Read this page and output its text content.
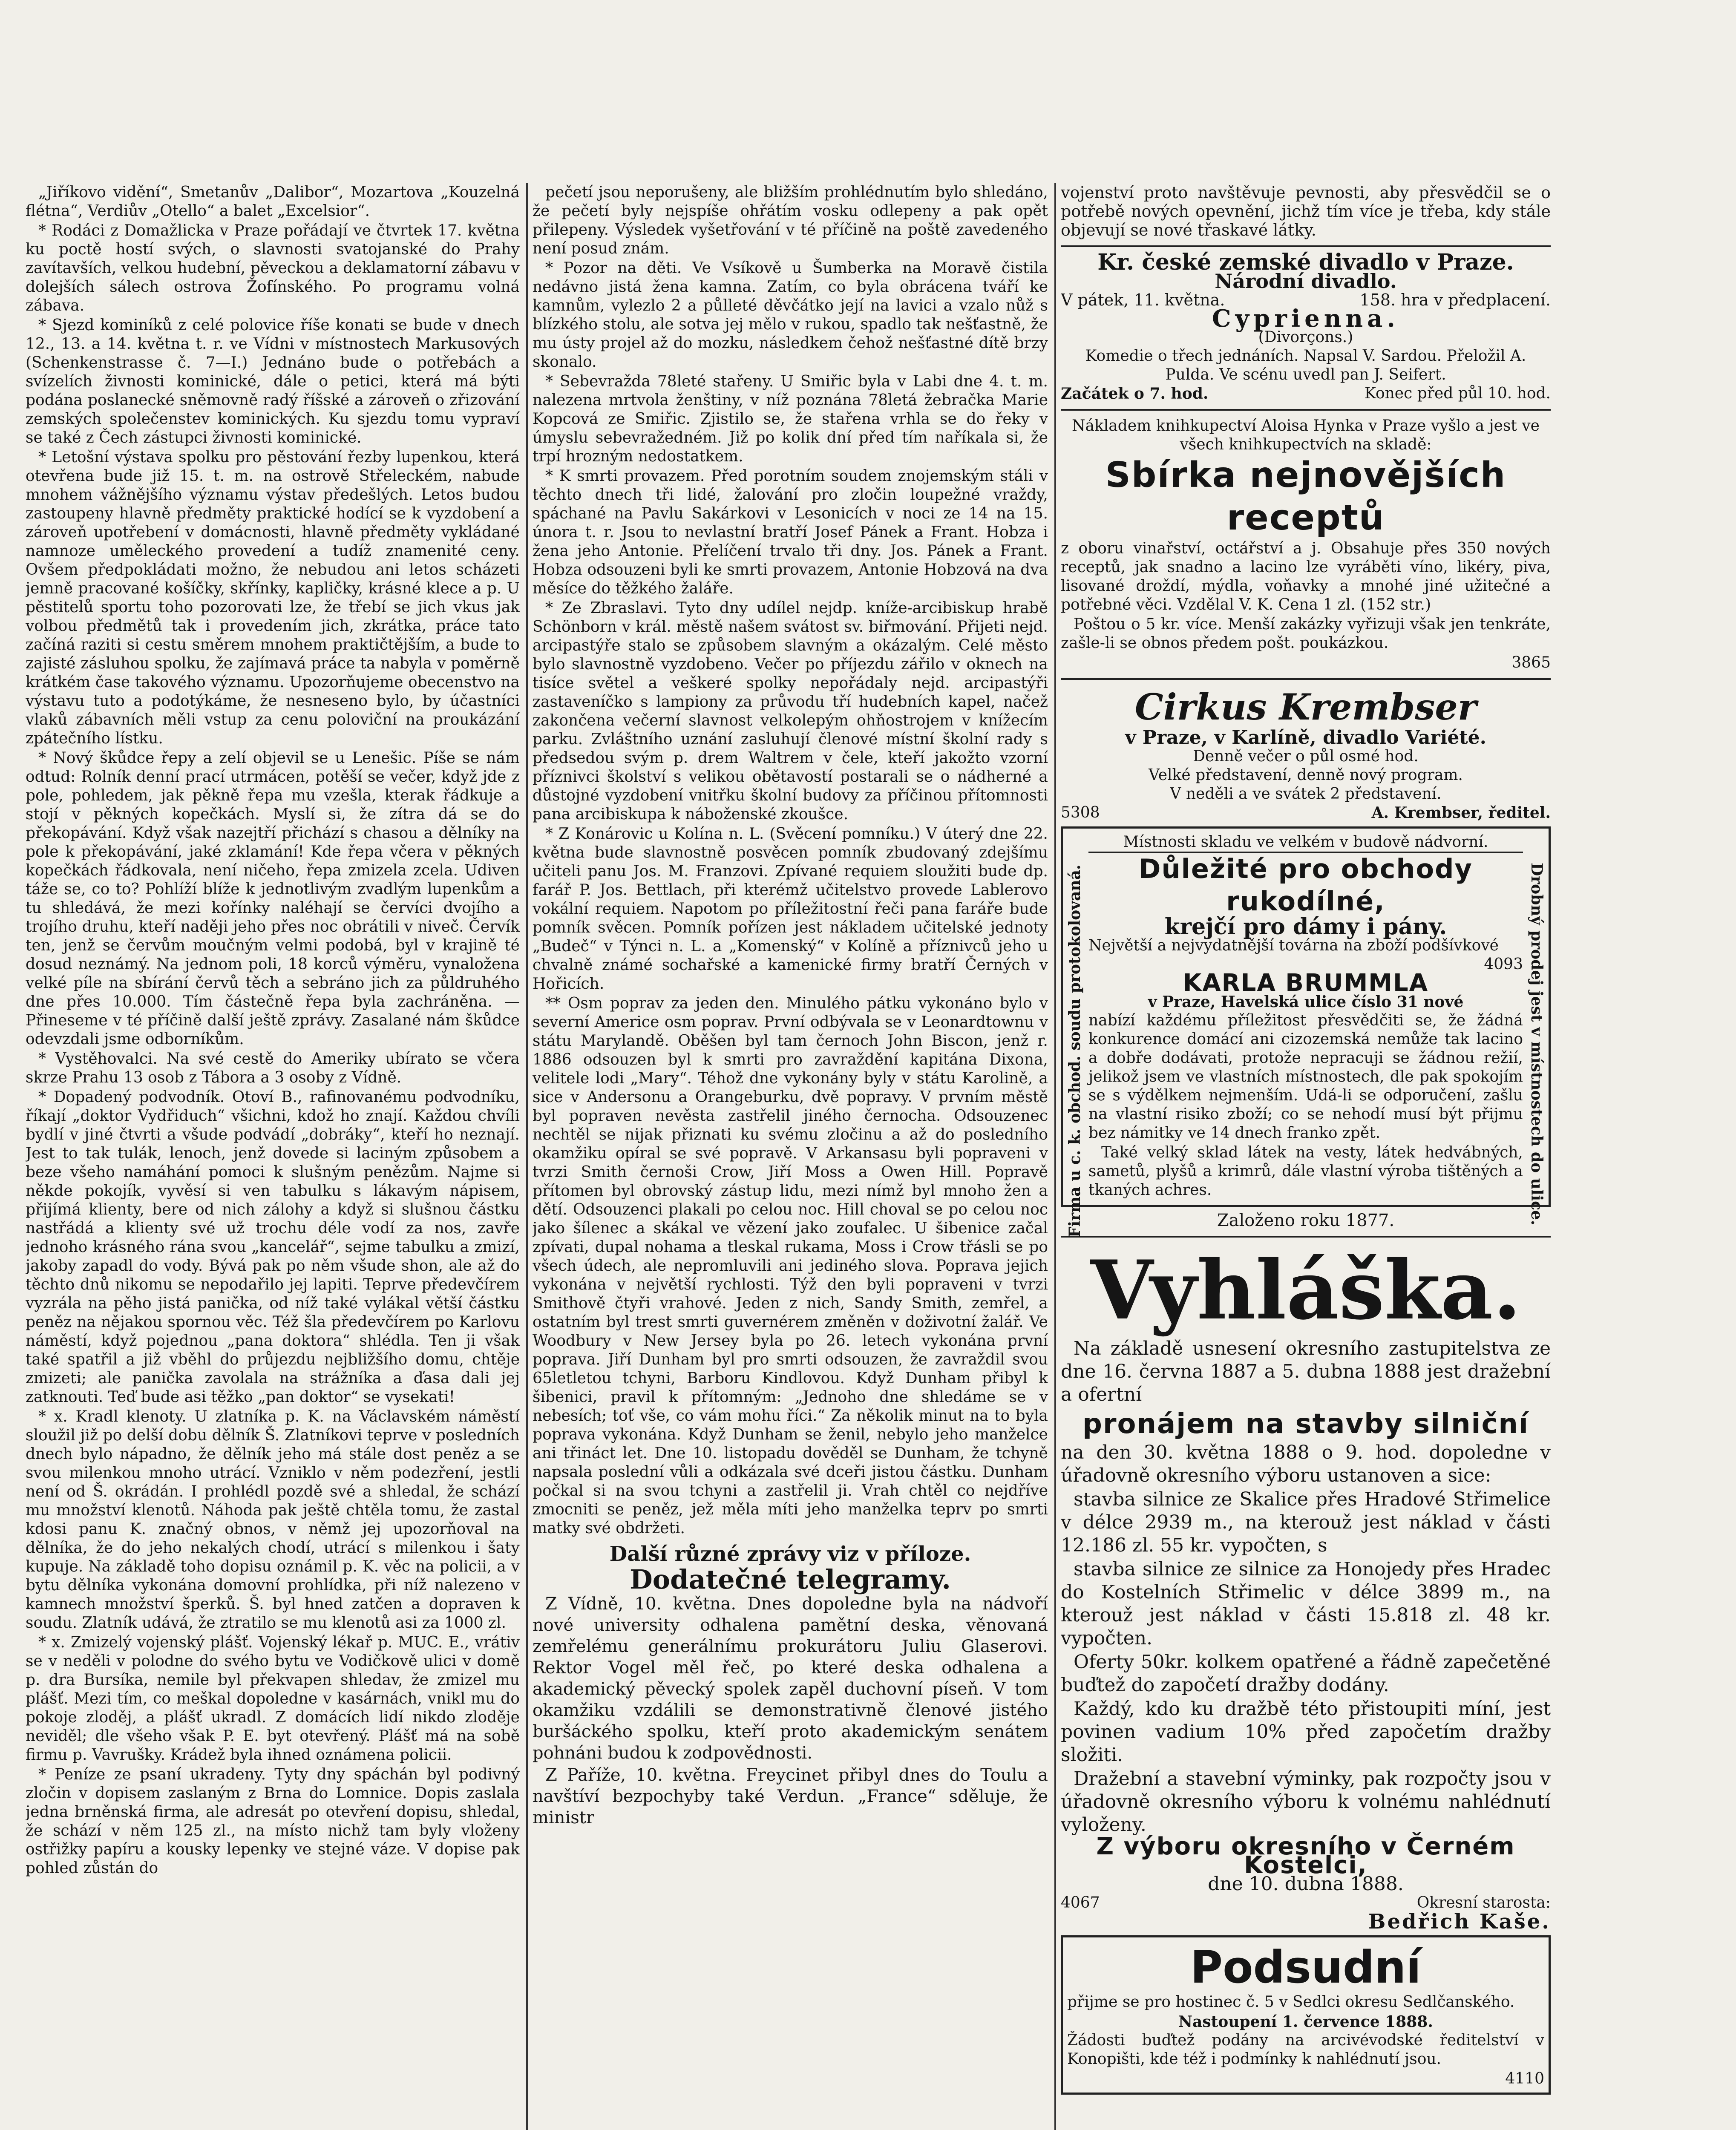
„Jiříkovo vidění“, Smetanův „Dalibor“, Mozartova „Kouzelná flétna“, Verdiův „Otello“ a balet „Excelsior“.

* Rodáci z Domažlicka v Praze pořádají ve čtvrtek 17. května ku poctě hostí svých, o slavnosti svatojanské do Prahy zavítavších, velkou hudební, pěveckou a deklamatorní zábavu v dolejších sálech ostrova Žofínského. Po programu volná zábava.

* Sjezd kominíků z celé polovice říše konati se bude v dnech 12., 13. a 14. května t. r. ve Vídni v místnostech Markusových (Schenkenstrasse č. 7—I.) Jednáno bude o potřebách a svízelích živnosti kominické, dále o petici, která má býti podána poslanecké sněmovně radý říšské a zároveň o zřizování zemských společenstev kominických. Ku sjezdu tomu vypraví se také z Čech zástupci živnosti kominické.

* Letošní výstava spolku pro pěstování řezby lupenkou, která otevřena bude již 15. t. m. na ostrově Střeleckém, nabude mnohem vážnějšího významu výstav předešlých. Letos budou zastoupeny hlavně předměty praktické hodící se k vyzdobení a zároveň upotřebení v domácnosti, hlavně předměty vykládané namnoze uměleckého provedení a tudíž znamenité ceny. Ovšem předpokládati možno, že nebudou ani letos scházeti jemně pracované košíčky, skřínky, kapličky, krásné klece a p. U pěstitelů sportu toho pozorovati lze, že třebí se jich vkus jak volbou předmětů tak i provedením jich, zkrátka, práce tato začíná raziti si cestu směrem mnohem praktičtějším, a bude to zajisté zásluhou spolku, že zajímavá práce ta nabyla v poměrně krátkém čase takového významu. Upozorňujeme obecenstvo na výstavu tuto a podotýkáme, že nesneseno bylo, by účastníci vlaků zábavních měli vstup za cenu poloviční na proukázání zpátečního lístku.

* Nový škůdce řepy a zelí objevil se u Lenešic. Píše se nám odtud: Rolník denní prací utrmácen, potěší se večer, když jde z pole, pohledem, jak pěkně řepa mu vzešla, kterak řádkuje a stojí v pěkných kopečkách. Myslí si, že zítra dá se do překopávání. Když však nazejtří přichází s chasou a dělníky na pole k překopávání, jaké zklamání! Kde řepa včera v pěkných kopečkách řádkovala, není ničeho, řepa zmizela zcela. Udiven táže se, co to? Pohlíží blíže k jednotlivým zvadlým lupenkům a tu shledává, že mezi kořínky naléhají se červíci dvojího a trojího druhu, kteří naději jeho přes noc obrátili v niveč. Červík ten, jenž se červům moučným velmi podobá, byl v krajině té dosud neznámý. Na jednom poli, 18 korců výměru, vynaložena velké píle na sbírání červů těch a sebráno jich za půldruhého dne přes 10.000. Tím částečně řepa byla zachráněna. — Přineseme v té příčině další ještě zprávy. Zasalané nám škůdce odevzdali jsme odborníkům.

* Vystěhovalci. Na své cestě do Ameriky ubírato se včera skrze Prahu 13 osob z Tábora a 3 osoby z Vídně.

* Dopadený podvodník. Otoví B., rafinovanému podvodníku, říkají „doktor Vydřiduch“ všichni, kdož ho znají. Každou chvíli bydlí v jiné čtvrti a všude podvádí „dobráky“, kteří ho neznají. Jest to tak tulák, lenoch, jenž dovede si laciným způsobem a beze všeho namáhání pomoci k slušným penězům. Najme si někde pokojík, vyvěsí si ven tabulku s lákavým nápisem, přijímá klienty, bere od nich zálohy a když si slušnou částku nastřádá a klienty své už trochu déle vodí za nos, zavře jednoho krásného rána svou „kancelář“, sejme tabulku a zmizí, jakoby zapadl do vody. Bývá pak po něm všude shon, ale až do těchto dnů nikomu se nepodařilo jej lapiti. Teprve předevčírem vyzrála na pěho jistá panička, od níž také vylákal větší částku peněz na nějakou spornou věc. Též šla předevčírem po Karlovu náměstí, když pojednou „pana doktora“ shlédla. Ten ji však také spatřil a již vběhl do průjezdu nejbližšího domu, chtěje zmizeti; ale panička zavolala na strážníka a ďasa dali jej zatknouti. Teď bude asi těžko „pan doktor“ se vysekati!

* x. Kradl klenoty. U zlatníka p. K. na Václavském náměstí sloužil již po delší dobu dělník Š. Zlatníkovi teprve v posledních dnech bylo nápadno, že dělník jeho má stále dost peněz a se svou milenkou mnoho utrácí. Vzniklo v něm podezření, jestli není od Š. okrádán. I prohlédl pozdě své a shledal, že schází mu množství klenotů. Náhoda pak ještě chtěla tomu, že zastal kdosi panu K. značný obnos, v němž jej upozorňoval na dělníka, že do jeho nekalých chodí, utrácí s milenkou i šaty kupuje. Na základě toho dopisu oznámil p. K. věc na policii, a v bytu dělníka vykonána domovní prohlídka, při níž nalezeno v kamnech množství šperků. Š. byl hned zatčen a dopraven k soudu. Zlatník udává, že ztratilo se mu klenotů asi za 1000 zl.

* x. Zmizelý vojenský plášť. Vojenský lékař p. MUC. E., vrátiv se v neděli v polodne do svého bytu ve Vodičkově ulici v domě p. dra Bursíka, nemile byl překvapen shledav, že zmizel mu plášť. Mezi tím, co meškal dopoledne v kasárnách, vnikl mu do pokoje zloděj, a plášť ukradl. Z domácích lidí nikdo zloděje neviděl; dle všeho však P. E. byt otevřený. Plášť má na sobě firmu p. Vavrušky. Krádež byla ihned oznámena policii.

* Peníze ze psaní ukradeny. Tyty dny spáchán byl podivný zločin v dopisem zaslaným z Brna do Lomnice. Dopis zaslala jedna brněnská firma, ale adresát po otevření dopisu, shledal, že schází v něm 125 zl., na místo nichž tam byly vloženy ostřižky papíru a kousky lepenky ve stejné váze. V dopise pak pohled zůstán do

pečetí jsou neporušeny, ale bližším prohlédnutím bylo shledáno, že pečetí byly nejspíše ohřátím vosku odlepeny a pak opět přilepeny. Výsledek vyšetřování v té příčině na poště zavedeného není posud znám.

* Pozor na děti. Ve Vsíkově u Šumberka na Moravě čistila nedávno jistá žena kamna. Zatím, co byla obrácena tváří ke kamnům, vylezlo 2 a půlleté děvčátko její na lavici a vzalo nůž s blízkého stolu, ale sotva jej mělo v rukou, spadlo tak nešťastně, že mu ústy projel až do mozku, následkem čehož nešťastné dítě brzy skonalo.

* Sebevražda 78leté stařeny. U Smiřic byla v Labi dne 4. t. m. nalezena mrtvola ženštiny, v níž poznána 78letá žebračka Marie Kopcová ze Smiřic. Zjistilo se, že stařena vrhla se do řeky v úmyslu sebevražedném. Již po kolik dní před tím naříkala si, že trpí hrozným nedostatkem.

* K smrti provazem. Před porotním soudem znojemským stáli v těchto dnech tři lidé, žalování pro zločin loupežné vraždy, spáchané na Pavlu Sakárkovi v Lesonicích v noci ze 14 na 15. února t. r. Jsou to nevlastní bratří Josef Pánek a Frant. Hobza i žena jeho Antonie. Přelíčení trvalo tři dny. Jos. Pánek a Frant. Hobza odsouzeni byli ke smrti provazem, Antonie Hobzová na dva měsíce do těžkého žaláře.

* Ze Zbraslavi. Tyto dny udílel nejdp. kníže-arcibiskup hrabě Schönborn v král. městě našem svátost sv. biřmování. Přijeti nejd. arcipastýře stalo se způsobem slavným a okázalým. Celé město bylo slavnostně vyzdobeno. Večer po příjezdu zářilo v oknech na tisíce světel a veškeré spolky nepořádaly nejd. arcipastýři zastaveníčko s lampiony za průvodu tří hudebních kapel, načež zakončena večerní slavnost velkolepým ohňostrojem v knížecím parku. Zvláštního uznání zasluhují členové místní školní rady s předsedou svým p. drem Waltrem v čele, kteří jakožto vzorní příznivci školství s velikou obětavostí postarali se o nádherné a důstojné vyzdobení vnitřku školní budovy za příčinou přítomnosti pana arcibiskupa k náboženské zkoušce.

* Z Konárovic u Kolína n. L. (Svěcení pomníku.) V úterý dne 22. května bude slavnostně posvěcen pomník zbudovaný zdejšímu učiteli panu Jos. M. Franzovi. Zpívané requiem sloužiti bude dp. farář P. Jos. Bettlach, při kterémž učitelstvo provede Lablerovo vokální requiem. Napotom po příležitostní řeči pana faráře bude pomník svěcen. Pomník pořízen jest nákladem učitelské jednoty „Budeč“ v Týnci n. L. a „Komenský“ v Kolíně a příznivců jeho u chvalně známé sochařské a kamenické firmy bratří Černých v Hořicích.

** Osm poprav za jeden den. Minulého pátku vykonáno bylo v severní Americe osm poprav. První odbývala se v Leonardtownu v státu Marylandě. Oběšen byl tam černoch John Biscon, jenž r. 1886 odsouzen byl k smrti pro zavraždění kapitána Dixona, velitele lodi „Mary“. Téhož dne vykonány byly v státu Karolině, a sice v Andersonu a Orangeburku, dvě popravy. V prvním městě byl popraven nevěsta zastřelil jiného černocha. Odsouzenec nechtěl se nijak přiznati ku svému zločinu a až do posledního okamžiku opíral se své popravě. V Arkansasu byli popraveni v tvrzi Smith černoši Crow, Jiří Moss a Owen Hill. Popravě přítomen byl obrovský zástup lidu, mezi nímž byl mnoho žen a dětí. Odsouzenci plakali po celou noc. Hill choval se po celou noc jako šílenec a skákal ve vězení jako zoufalec. U šibenice začal zpívati, dupal nohama a tleskal rukama, Moss i Crow třásli se po všech údech, ale nepromluvili ani jediného slova. Poprava jejich vykonána v největší rychlosti. Týž den byli popraveni v tvrzi Smithově čtyři vrahové. Jeden z nich, Sandy Smith, zemřel, a ostatním byl trest smrti guvernérem změněn v doživotní žalář. Ve Woodbury v New Jersey byla po 26. letech vykonána první poprava. Jiří Dunham byl pro smrti odsouzen, že zavraždil svou 65letletou tchyni, Barboru Kindlovou. Když Dunham přibyl k šibenici, pravil k přítomným: „Jednoho dne shledáme se v nebesích; toť vše, co vám mohu říci.“ Za několik minut na to byla poprava vykonána. Když Dunham se ženil, nebylo jeho manželce ani třináct let. Dne 10. listopadu dověděl se Dunham, že tchyně napsala poslední vůli a odkázala své dceři jistou částku. Dunham počkal si na svou tchyni a zastřelil ji. Vrah chtěl co nejdříve zmocniti se peněz, jež měla míti jeho manželka teprv po smrti matky své obdržeti.

Další různé zprávy viz v příloze.
Dodatečné telegramy.

Z Vídně, 10. května. Dnes dopoledne byla na nádvoří nové university odhalena pamětní deska, věnovaná zemřelému generálnímu prokurátoru Juliu Glaserovi. Rektor Vogel měl řeč, po které deska odhalena a akademický pěvecký spolek zapěl duchovní píseň. V tom okamžiku vzdálili se demonstrativně členové jistého buršáckého spolku, kteří proto akademickým senátem pohnáni budou k zodpovědnosti.

Z Paříže, 10. května. Freycinet přibyl dnes do Toulu a navštíví bezpochyby také Verdun. „France“ sděluje, že ministr

vojenství proto navštěvuje pevnosti, aby přesvědčil se o potřebě nových opevnění, jichž tím více je třeba, kdy stále objevují se nové třaskavé látky.

Kr. české zemské divadlo v Praze.
Národní divadlo.
V pátek, 11. května.	158. hra v předplacení.
Cyprienna.
(Divorçons.)
Komedie o třech jednáních. Napsal V. Sardou. Přeložil A. Pulda. Ve scénu uvedl pan J. Seifert.
Začátek o 7. hod.	Konec před půl 10. hod.
Nákladem knihkupectví Aloisa Hynka v Praze vyšlo a jest ve všech knihkupectvích na skladě:
Sbírka nejnovějších receptů

z oboru vinařství, octářství a j. Obsahuje přes 350 nových receptů, jak snadno a lacino lze vyráběti víno, likéry, piva, lisované droždí, mýdla, voňavky a mnohé jiné užitečné a potřebné věci. Vzdělal V. K. Cena 1 zl. (152 str.)

Poštou o 5 kr. více. Menší zakázky vyřizuji však jen tenkráte, zašle-li se obnos předem pošt. poukázkou.

3865
Cirkus Krembser
v Praze, v Karlíně, divadlo Variété.
Denně večer o půl osmé hod.
Velké představení, denně nový program.
V neděli a ve svátek 2 představení.
5308	A. Krembser, ředitel.
Místnosti skladu ve velkém v budově nádvorní.
Firma u c. k. obchod. soudu protokolovaná.	Drobný prodej jest v místnostech do ulice.
Důležité pro obchody rukodílné,
krejčí pro dámy i pány.
Největší a nejvydatnější továrna na zboží podšívkové
4093
KARLA BRUMMLA
v Praze, Havelská ulice číslo 31 nové

nabízí každému příležitost přesvědčiti se, že žádná konkurence domácí ani cizozemská nemůže tak lacino a dobře dodávati, protože nepracuji se žádnou režií, jelikož jsem ve vlastních místnostech, dle pak spokojím se s výdělkem nejmenším. Udá-li se odporučení, zašlu na vlastní risiko zboží; co se nehodí musí být přijmu bez námitky ve 14 dnech franko zpět.

Také velký sklad látek na vesty, látek hedvábných, sametů, plyšů a krimrů, dále vlastní výroba tištěných a tkaných achres.

Založeno roku 1877.
Vyhláška.

Na základě usnesení okresního zastupitelstva ze dne 16. června 1887 a 5. dubna 1888 jest dražební a ofertní

pronájem na stavby silniční

na den 30. května 1888 o 9. hod. dopoledne v úřadovně okresního výboru ustanoven a sice:

stavba silnice ze Skalice přes Hradové Střimelice v délce 2939 m., na kterouž jest náklad v části 12.186 zl. 55 kr. vypočten, s

stavba silnice ze silnice za Honojedy přes Hradec do Kostelních Střimelic v délce 3899 m., na kterouž jest náklad v části 15.818 zl. 48 kr. vypočten.

Oferty 50kr. kolkem opatřené a řádně zapečetěné buďtež do započetí dražby dodány.

Každý, kdo ku dražbě této přistoupiti míní, jest povinen vadium 10% před započetím dražby složiti.

Dražební a stavební výminky, pak rozpočty jsou v úřadovně okresního výboru k volnému nahlédnutí vyloženy.

Z výboru okresního v Černém Kostelci,
dne 10. dubna 1888.
4067	Okresní starosta:
Bedřich Kaše.
Podsudní

přijme se pro hostinec č. 5 v Sedlci okresu Sedlčanského.

Nastoupení 1. července 1888.

Žádosti buďtež podány na arcivévodské ředitelství v Konopišti, kde též i podmínky k nahlédnutí jsou.

4110
